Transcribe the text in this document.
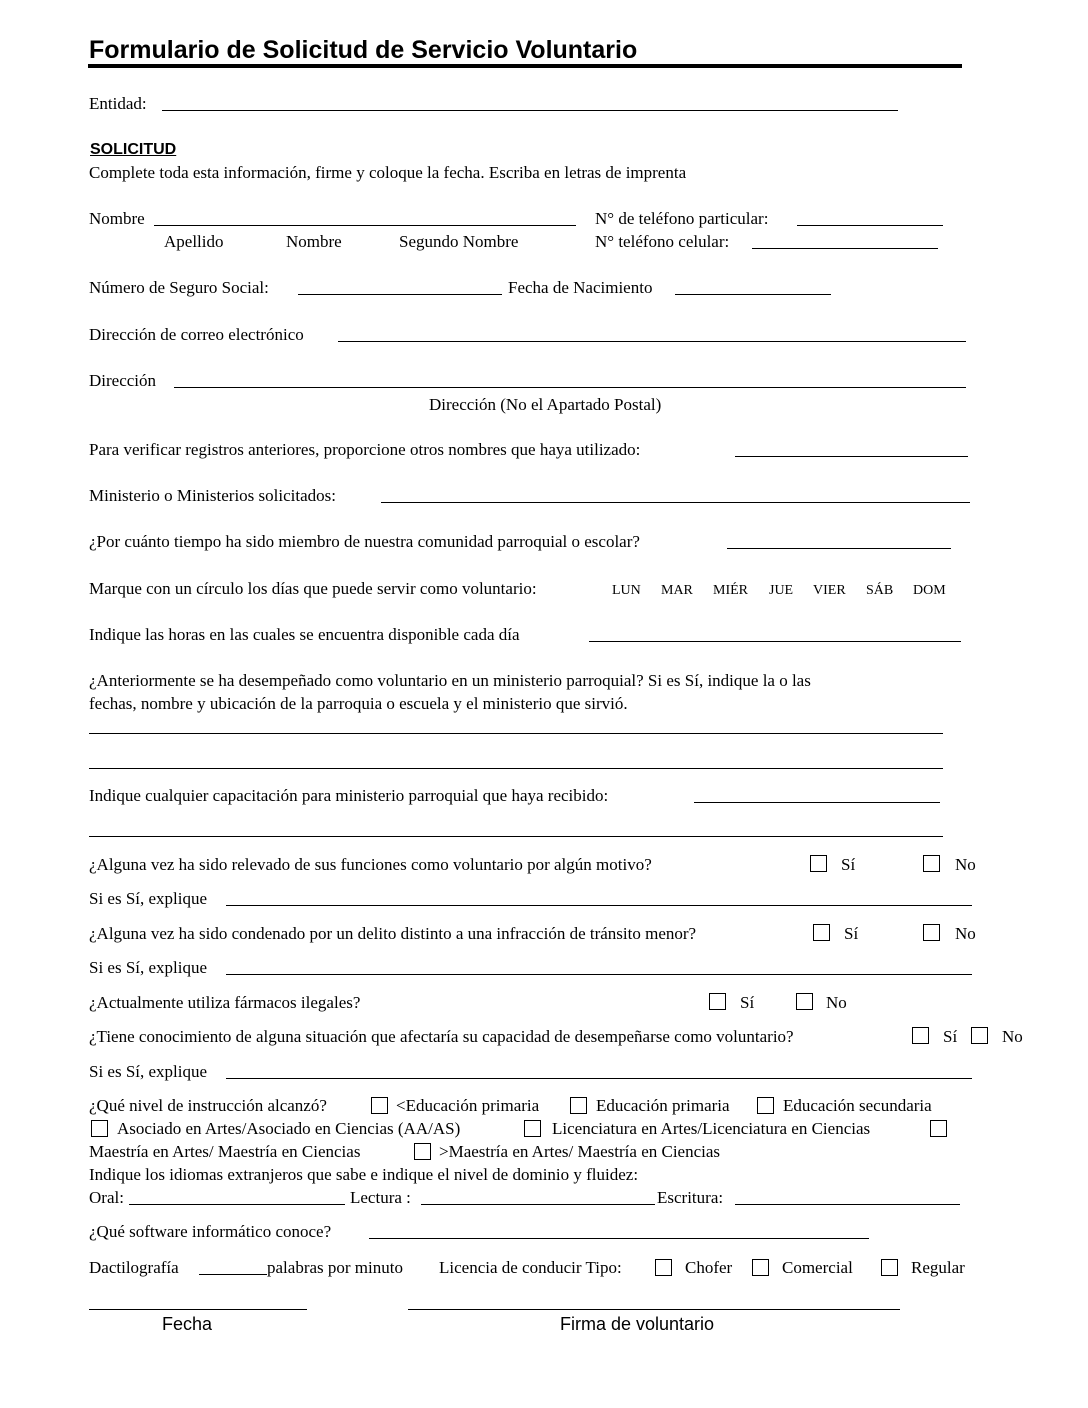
Formulario de Solicitud de Servicio Voluntario
Entidad:
SOLICITUD
Complete toda esta información, firme y coloque la fecha. Escriba en letras de imprenta
Nombre
Apellido	Nombre	Segundo Nombre
N° de teléfono particular:
N° teléfono celular:
Número de Seguro Social:	Fecha de Nacimiento
Dirección de correo electrónico
Dirección
Dirección (No el Apartado Postal)
Para verificar registros anteriores, proporcione otros nombres que haya utilizado:
Ministerio o Ministerios solicitados:
¿Por cuánto tiempo ha sido miembro de nuestra comunidad parroquial o escolar?
Marque con un círculo los días que puede servir como voluntario:	LUN MAR MIÉR JUE VIER SÁB DOM
Indique las horas en las cuales se encuentra disponible cada día
¿Anteriormente se ha desempeñado como voluntario en un ministerio parroquial? Si es Sí, indique la o las
fechas, nombre y ubicación de la parroquia o escuela y el ministerio que sirvió.
Indique cualquier capacitación para ministerio parroquial que haya recibido:
¿Alguna vez ha sido relevado de sus funciones como voluntario por algún motivo?	Sí	No
Si es Sí, explique
¿Alguna vez ha sido condenado por un delito distinto a una infracción de tránsito menor?	Sí	No
Si es Sí, explique
¿Actualmente utiliza fármacos ilegales?	Sí	No
¿Tiene conocimiento de alguna situación que afectaría su capacidad de desempeñarse como voluntario?	Sí	No
Si es Sí, explique
¿Qué nivel de instrucción alcanzó?	<Educación primaria	Educación primaria	Educación secundaria
Asociado en Artes/Asociado en Ciencias (AA/AS)	Licenciatura en Artes/Licenciatura en Ciencias
Maestría en Artes/ Maestría en Ciencias	>Maestría en Artes/ Maestría en Ciencias
Indique los idiomas extranjeros que sabe e indique el nivel de dominio y fluidez:
Oral:	Lectura :	Escritura:
¿Qué software informático conoce?
Dactilografía	palabras por minuto Licencia de conducir Tipo:	Chofer	Comercial	Regular
Fecha	Firma de voluntario
